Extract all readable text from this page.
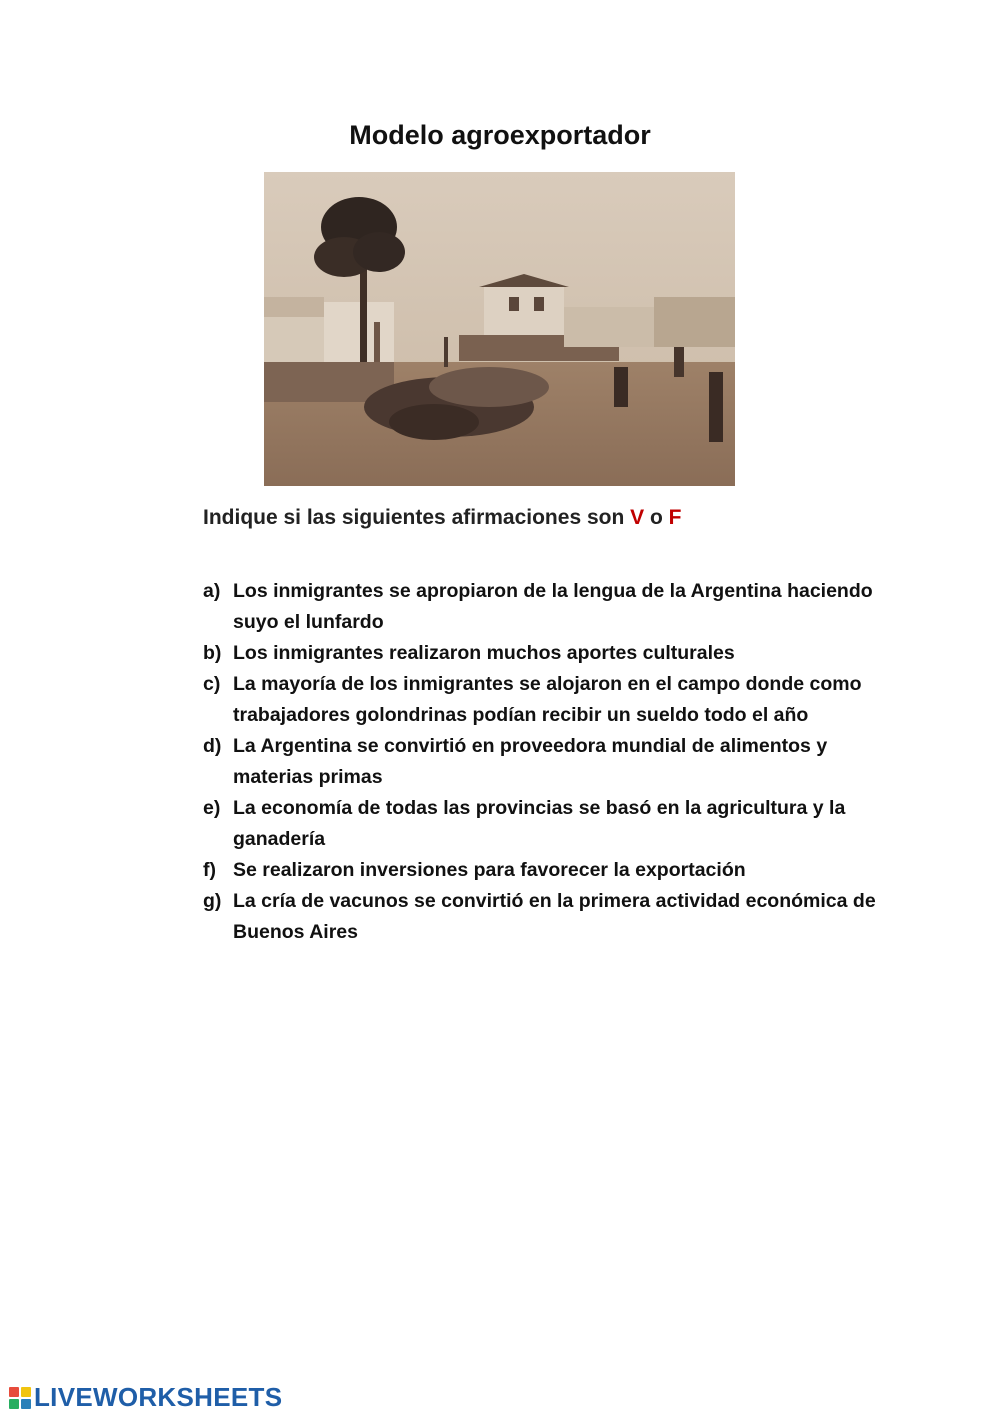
Modelo agroexportador
Indique si las siguientes afirmaciones son V o F
a) Los inmigrantes se apropiaron de la lengua de la Argentina haciendo suyo el lunfardo
b) Los inmigrantes realizaron muchos aportes culturales
c) La mayoría de los inmigrantes se alojaron en el campo donde como trabajadores golondrinas podían recibir un sueldo todo el año
d) La Argentina se convirtió en proveedora mundial de alimentos y materias primas
e) La economía de todas las provincias se basó en la agricultura y la ganadería
f) Se realizaron inversiones para favorecer la exportación
g) La cría de vacunos se convirtió en la primera actividad económica de Buenos Aires
LIVEWORKSHEETS
